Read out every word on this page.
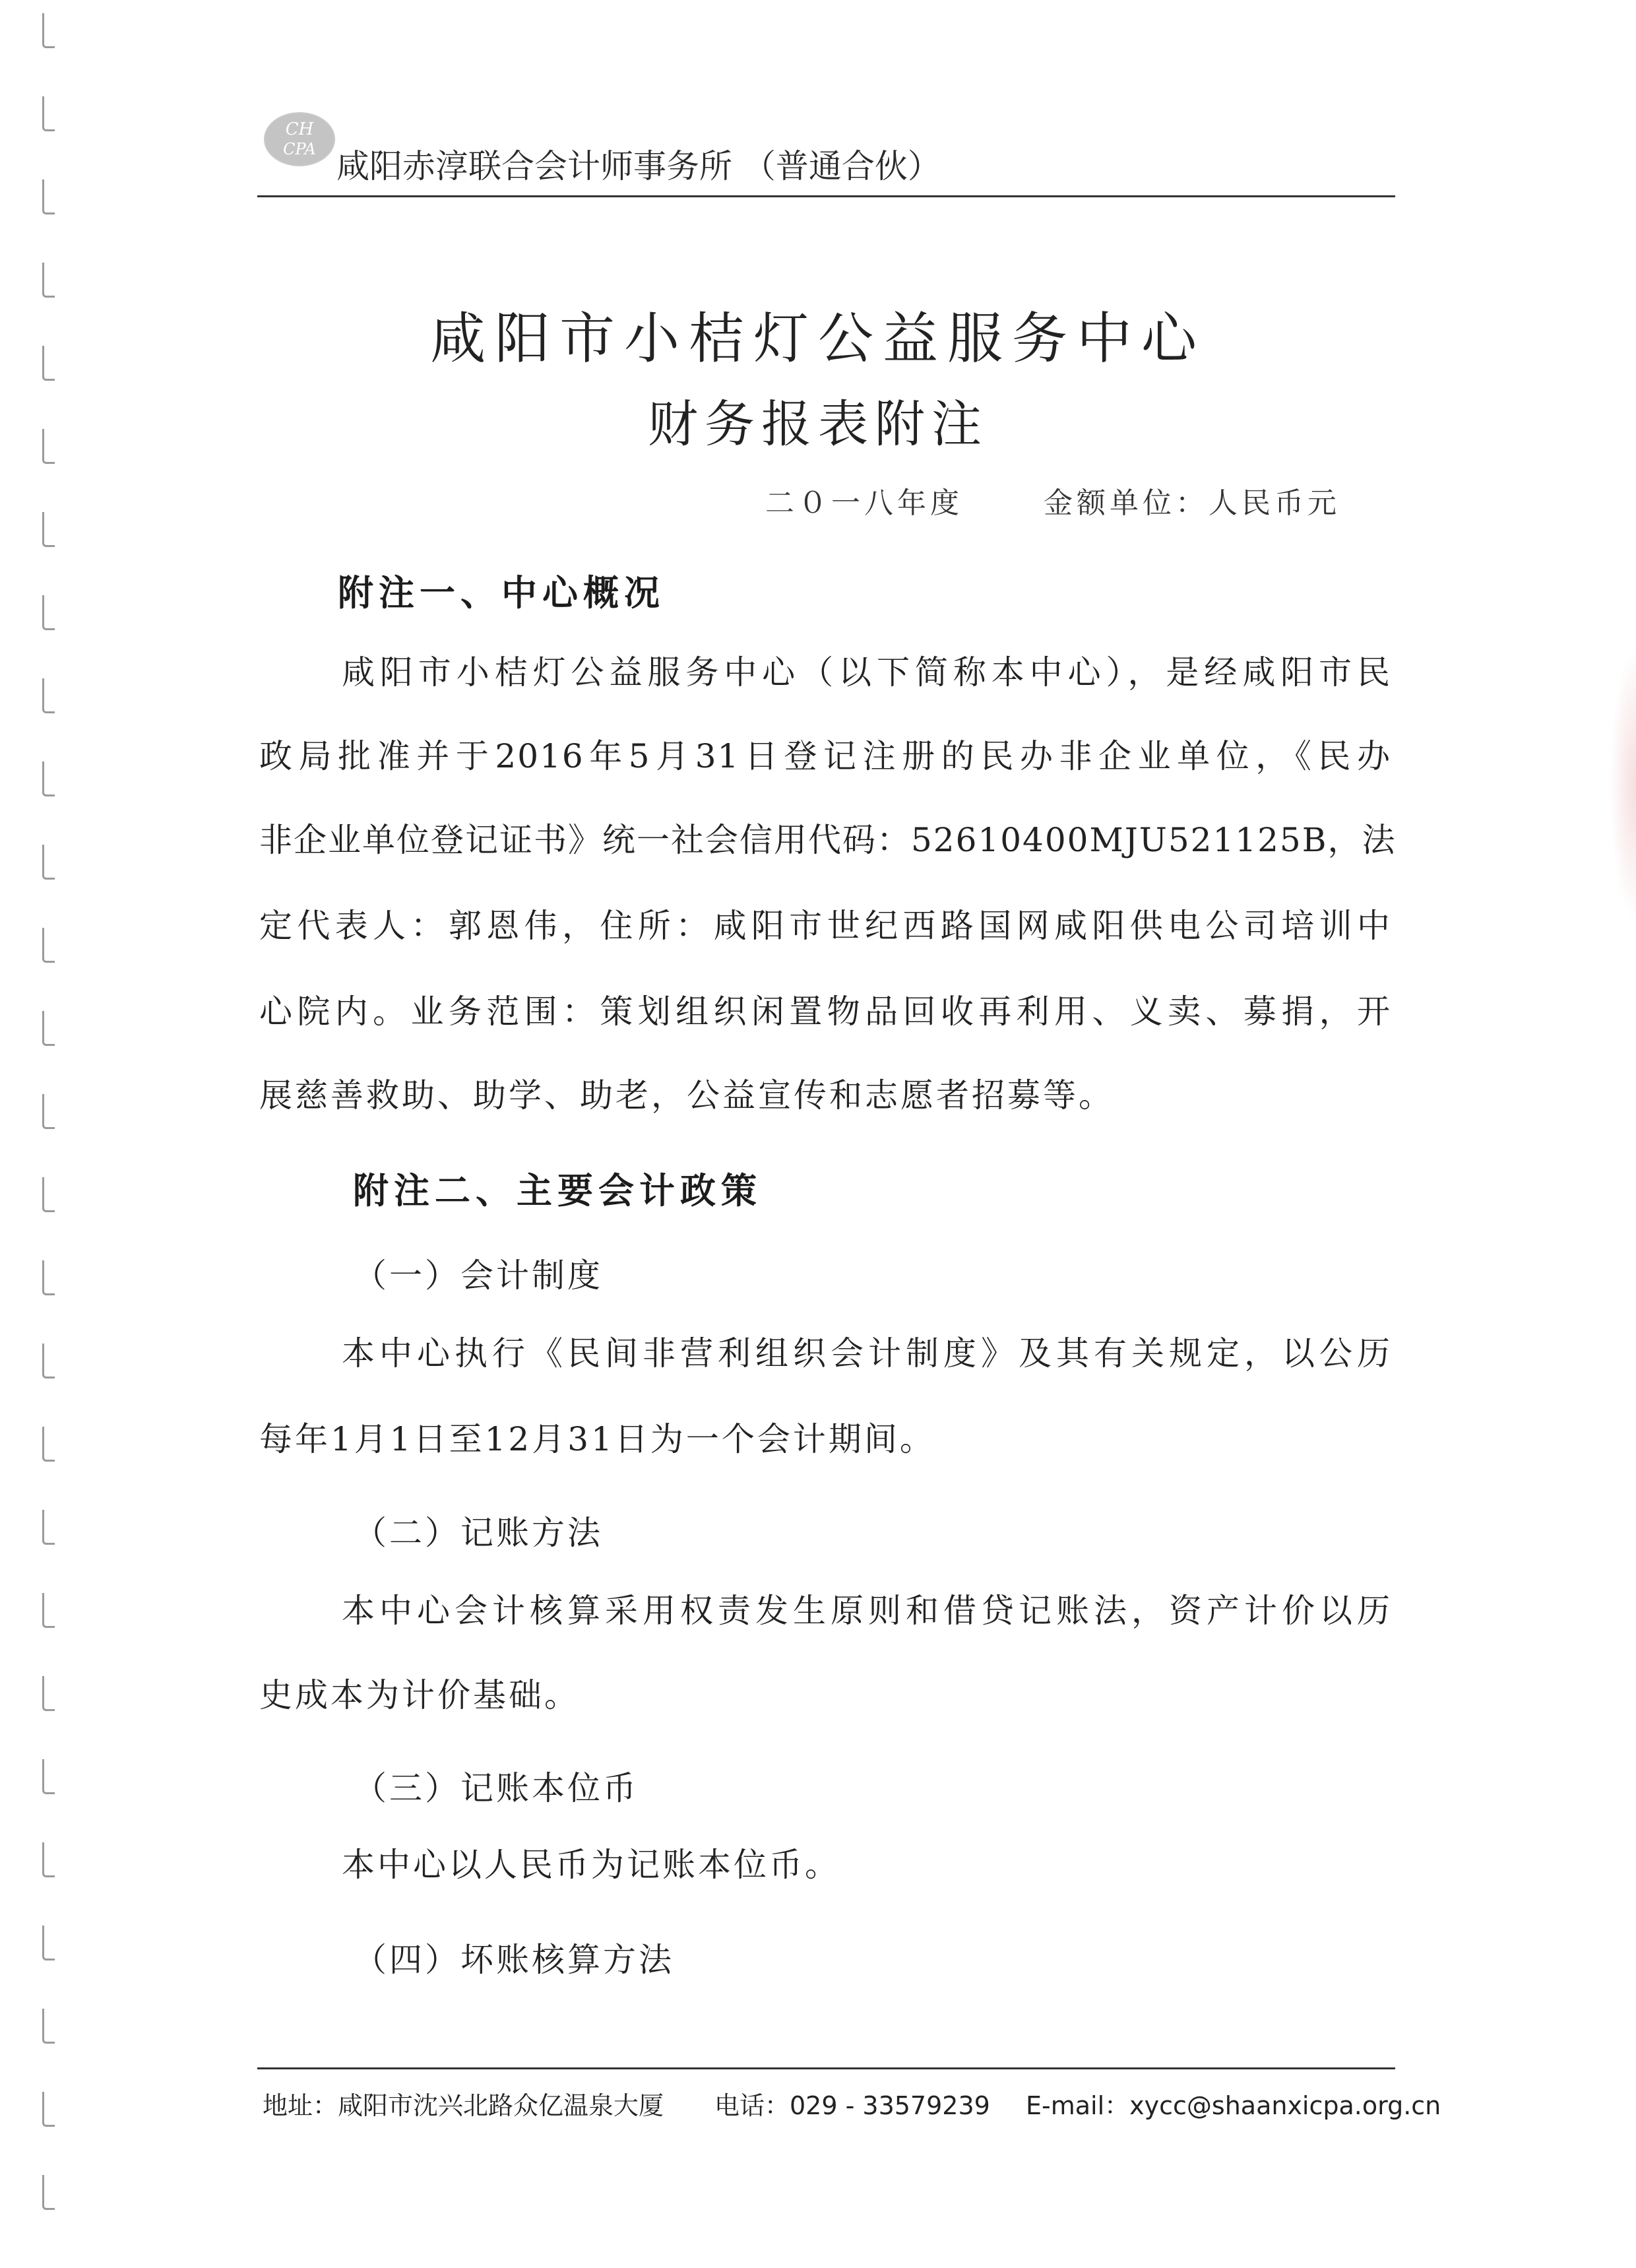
CH
CPA 咸阳赤淳联合会计师事务所 （普通合伙）
咸阳市小桔灯公益服务中心
财务报表附注
二０一八年度	金额单位：人民币元
附注一、中心概况
咸阳市小桔灯公益服务中心（以下简称本中心），是经咸阳市民
政局批准并于2016年5月31日登记注册的民办非企业单位，《民办
非企业单位登记证书》统一社会信用代码：52610400MJU521125B，法
定代表人：郭恩伟，住所：咸阳市世纪西路国网咸阳供电公司培训中
心院内。业务范围：策划组织闲置物品回收再利用、义卖、募捐，开
展慈善救助、助学、助老，公益宣传和志愿者招募等。
附注二、主要会计政策
（一）会计制度
本中心执行《民间非营利组织会计制度》及其有关规定，以公历
每年1月1日至12月31日为一个会计期间。
（二）记账方法
本中心会计核算采用权责发生原则和借贷记账法，资产计价以历
史成本为计价基础。
（三）记账本位币
本中心以人民币为记账本位币。
（四）坏账核算方法
地址：咸阳市沈兴北路众亿温泉大厦 电话：029 - 33579239 E-mail：xycc@shaanxicpa.org.cn
